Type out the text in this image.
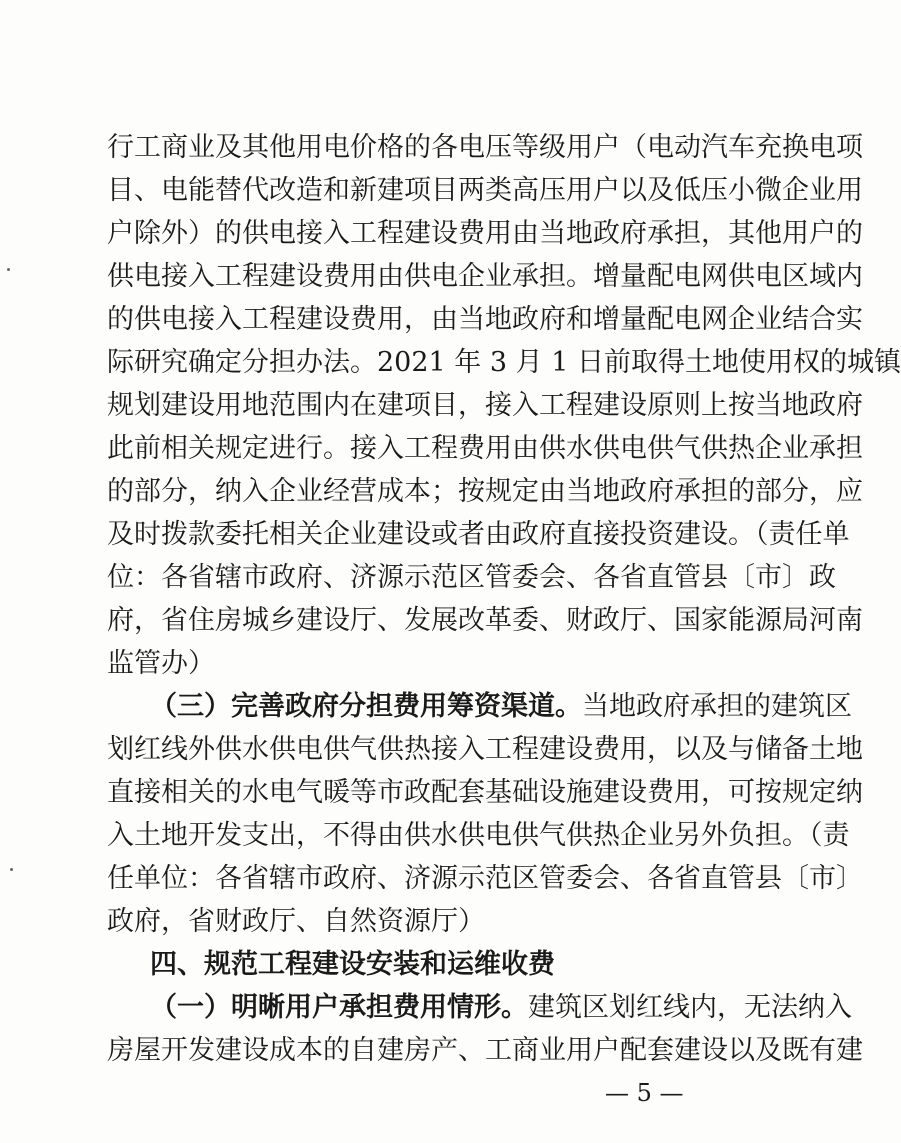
行工商业及其他用电价格的各电压等级用户（电动汽车充换电项
目、电能替代改造和新建项目两类高压用户以及低压小微企业用
户除外）的供电接入工程建设费用由当地政府承担，其他用户的
供电接入工程建设费用由供电企业承担。增量配电网供电区域内
的供电接入工程建设费用，由当地政府和增量配电网企业结合实
际研究确定分担办法。2021 年 3 月 1 日前取得土地使用权的城镇
规划建设用地范围内在建项目，接入工程建设原则上按当地政府
此前相关规定进行。接入工程费用由供水供电供气供热企业承担
的部分，纳入企业经营成本；按规定由当地政府承担的部分，应
及时拨款委托相关企业建设或者由政府直接投资建设。（责任单
位：各省辖市政府、济源示范区管委会、各省直管县〔市〕政
府，省住房城乡建设厅、发展改革委、财政厅、国家能源局河南
监管办）
（三）完善政府分担费用筹资渠道。当地政府承担的建筑区
划红线外供水供电供气供热接入工程建设费用，以及与储备土地
直接相关的水电气暖等市政配套基础设施建设费用，可按规定纳
入土地开发支出，不得由供水供电供气供热企业另外负担。（责
任单位：各省辖市政府、济源示范区管委会、各省直管县〔市〕
政府，省财政厅、自然资源厅）
四、规范工程建设安装和运维收费
（一）明晰用户承担费用情形。建筑区划红线内，无法纳入
房屋开发建设成本的自建房产、工商业用户配套建设以及既有建
— 5 —
